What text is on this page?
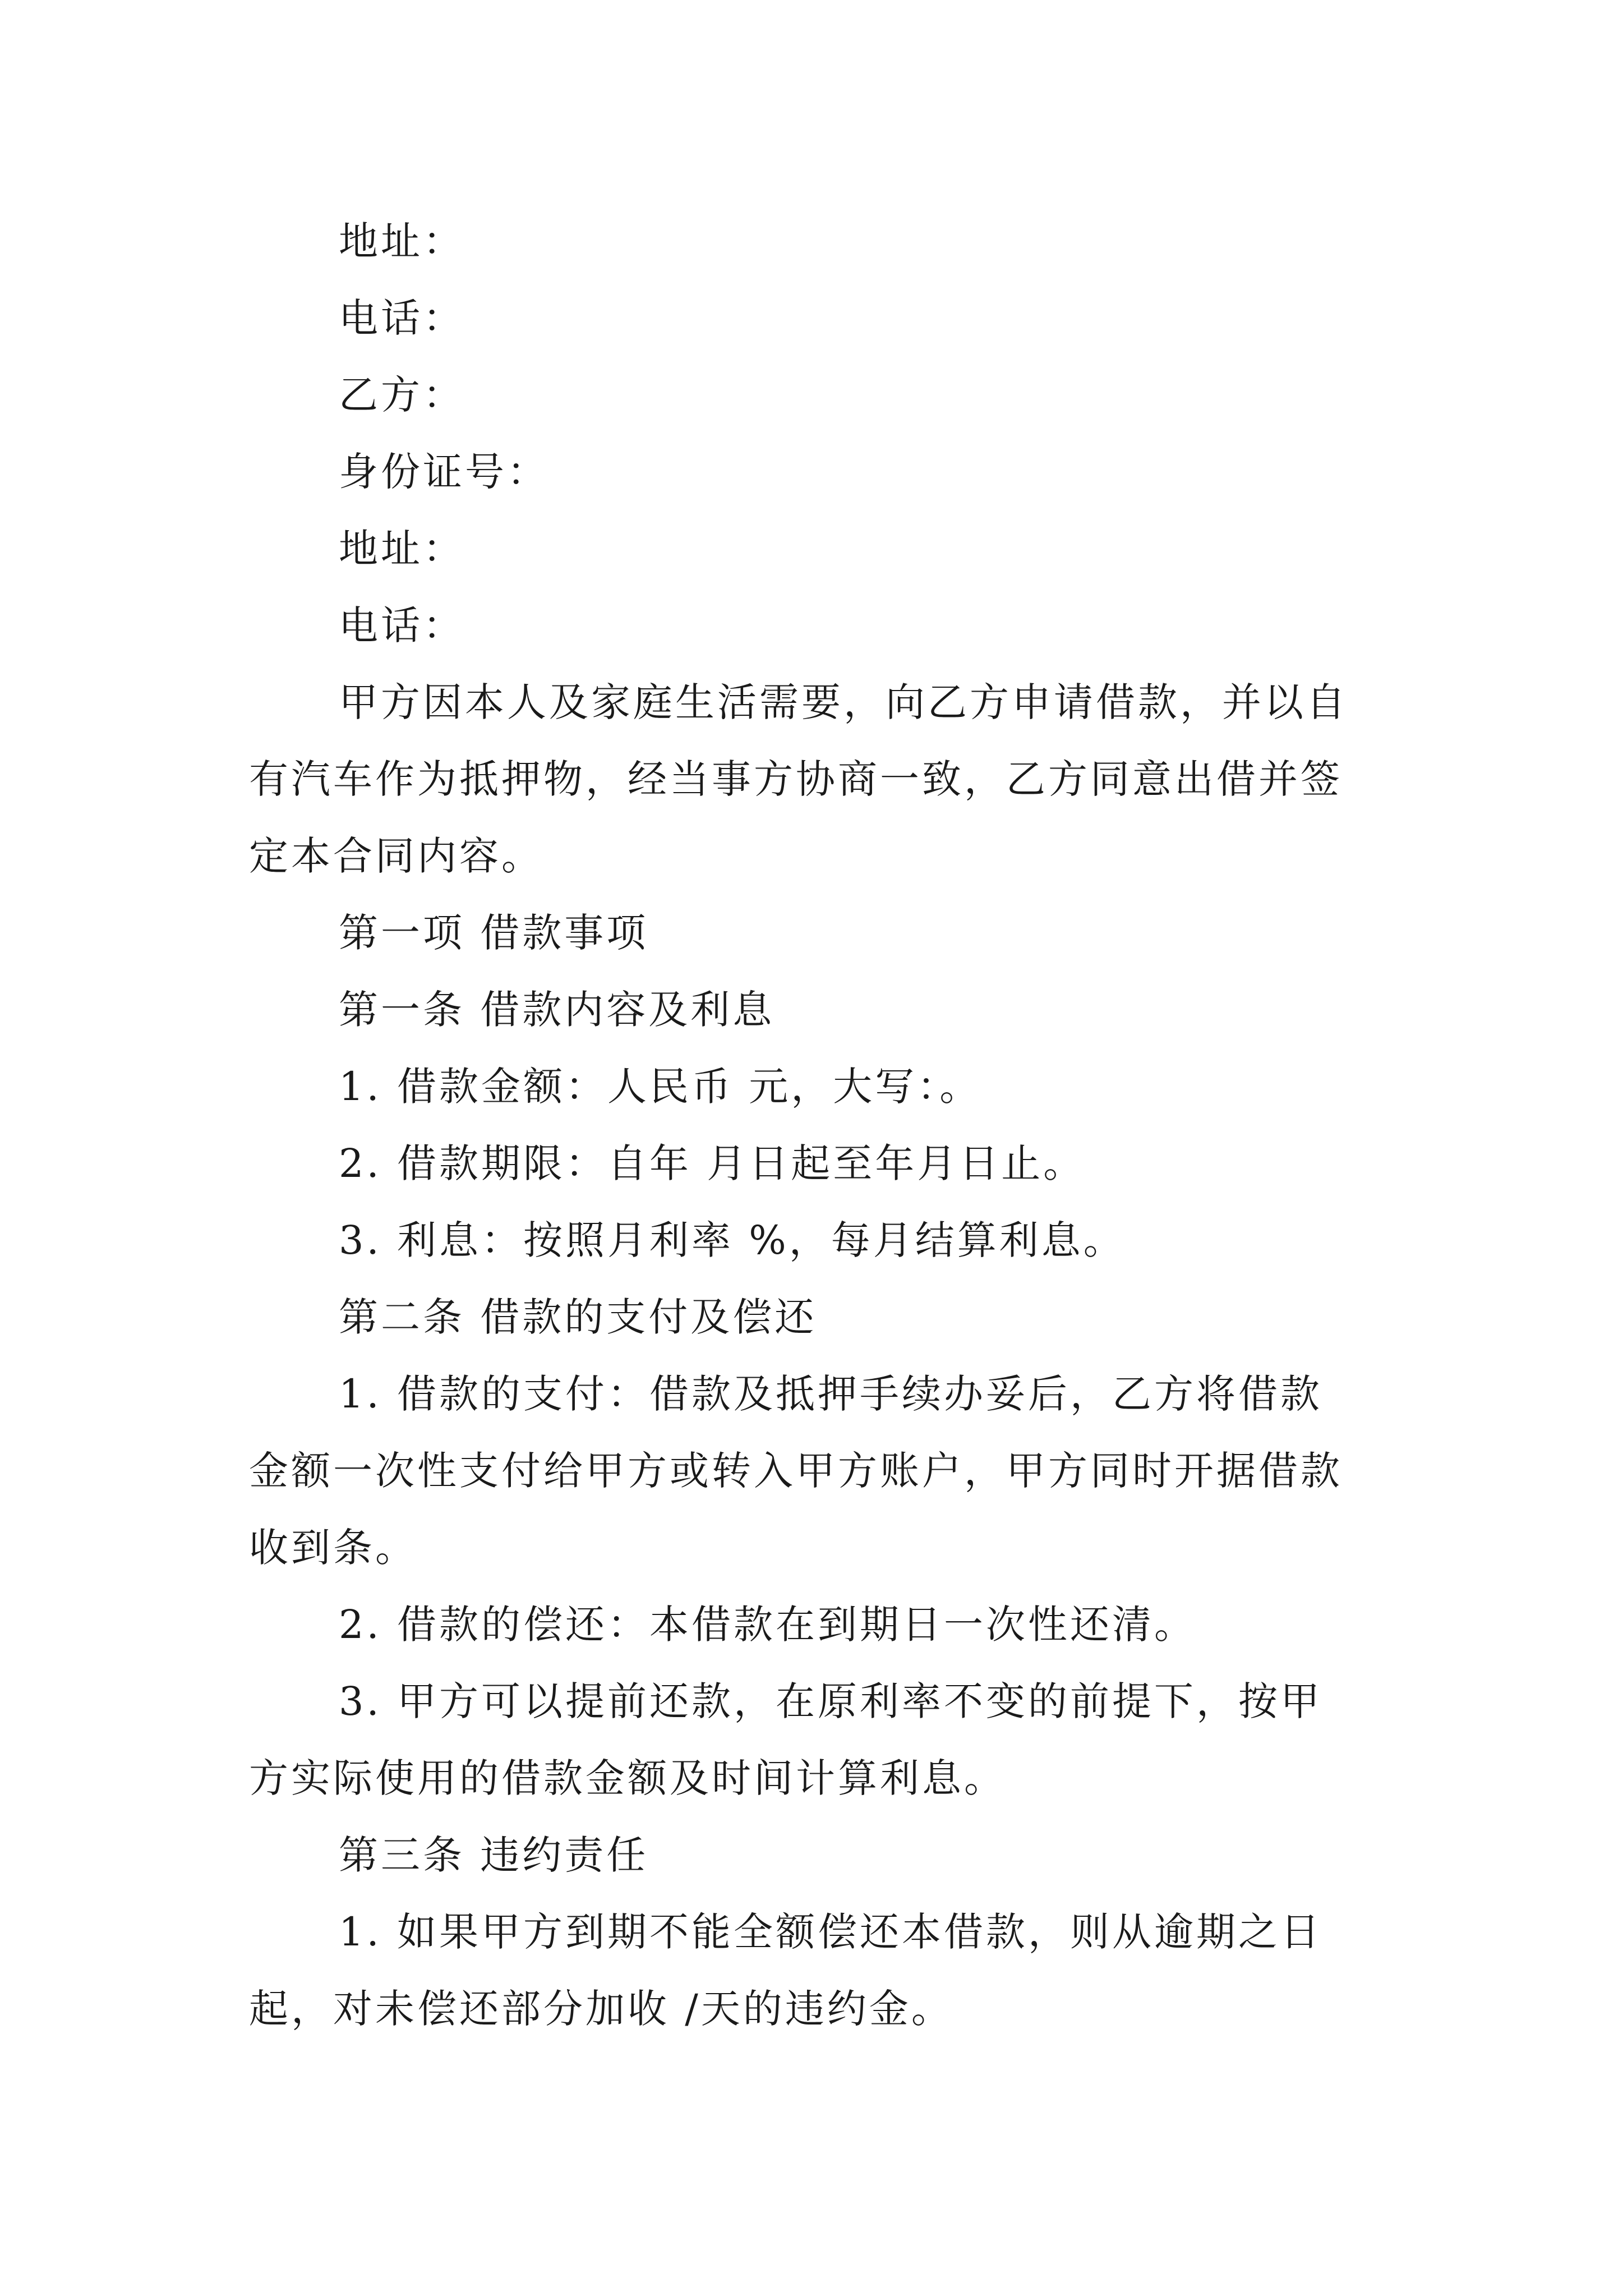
地址：
电话：
乙方：
身份证号：
地址：
电话：
甲方因本人及家庭生活需要，向乙方申请借款，并以自
有汽车作为抵押物，经当事方协商一致，乙方同意出借并签
定本合同内容。
第一项 借款事项
第一条 借款内容及利息
1. 借款金额：人民币 元，大写：。
2. 借款期限：自年 月日起至年月日止。
3. 利息：按照月利率 %，每月结算利息。
第二条 借款的支付及偿还
1. 借款的支付：借款及抵押手续办妥后，乙方将借款
金额一次性支付给甲方或转入甲方账户，甲方同时开据借款
收到条。
2. 借款的偿还：本借款在到期日一次性还清。
3. 甲方可以提前还款，在原利率不变的前提下，按甲
方实际使用的借款金额及时间计算利息。
第三条 违约责任
1. 如果甲方到期不能全额偿还本借款，则从逾期之日
起，对未偿还部分加收 /天的违约金。
